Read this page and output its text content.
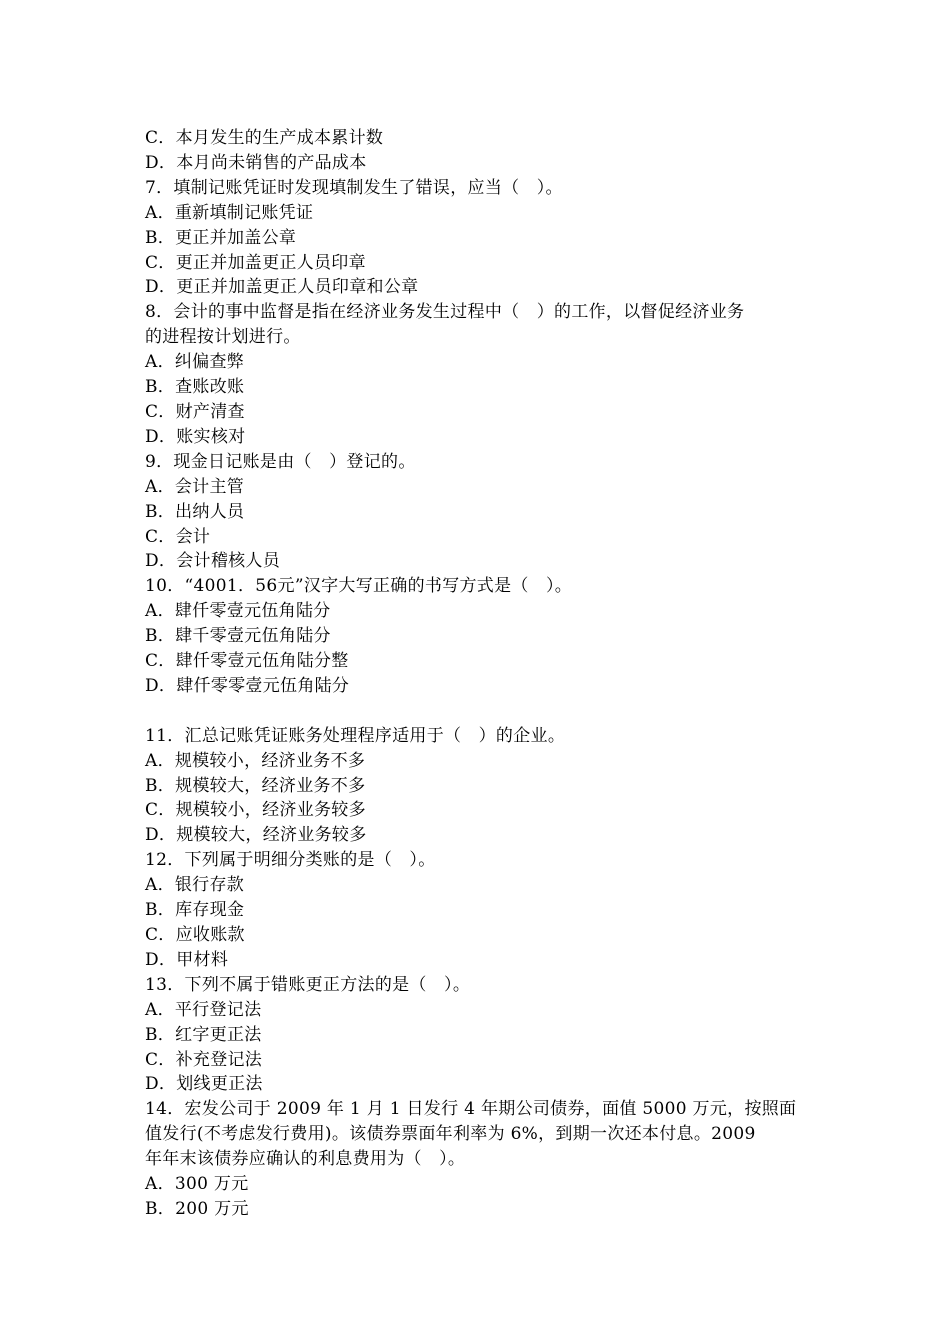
C．本月发生的生产成本累计数
D．本月尚未销售的产品成本
7．填制记账凭证时发现填制发生了错误，应当（　）。
A．重新填制记账凭证
B．更正并加盖公章
C．更正并加盖更正人员印章
D．更正并加盖更正人员印章和公章
8．会计的事中监督是指在经济业务发生过程中（　）的工作，以督促经济业务
的进程按计划进行。
A．纠偏查弊
B．查账改账
C．财产清查
D．账实核对
9．现金日记账是由（　）登记的。
A．会计主管
B．出纳人员
C．会计
D．会计稽核人员
10．“4001．56元”汉字大写正确的书写方式是（　）。
A．肆仟零壹元伍角陆分
B．肆千零壹元伍角陆分
C．肆仟零壹元伍角陆分整
D．肆仟零零壹元伍角陆分
11．汇总记账凭证账务处理程序适用于（　）的企业。
A．规模较小，经济业务不多
B．规模较大，经济业务不多
C．规模较小，经济业务较多
D．规模较大，经济业务较多
12．下列属于明细分类账的是（　）。
A．银行存款
B．库存现金
C．应收账款
D．甲材料
13．下列不属于错账更正方法的是（　）。
A．平行登记法
B．红字更正法
C．补充登记法
D．划线更正法
14．宏发公司于 2009 年 1 月 1 日发行 4 年期公司债券，面值 5000 万元，按照面
值发行(不考虑发行费用)。该债券票面年利率为 6%，到期一次还本付息。2009
年年末该债券应确认的利息费用为（　）。
A．300 万元
B．200 万元
